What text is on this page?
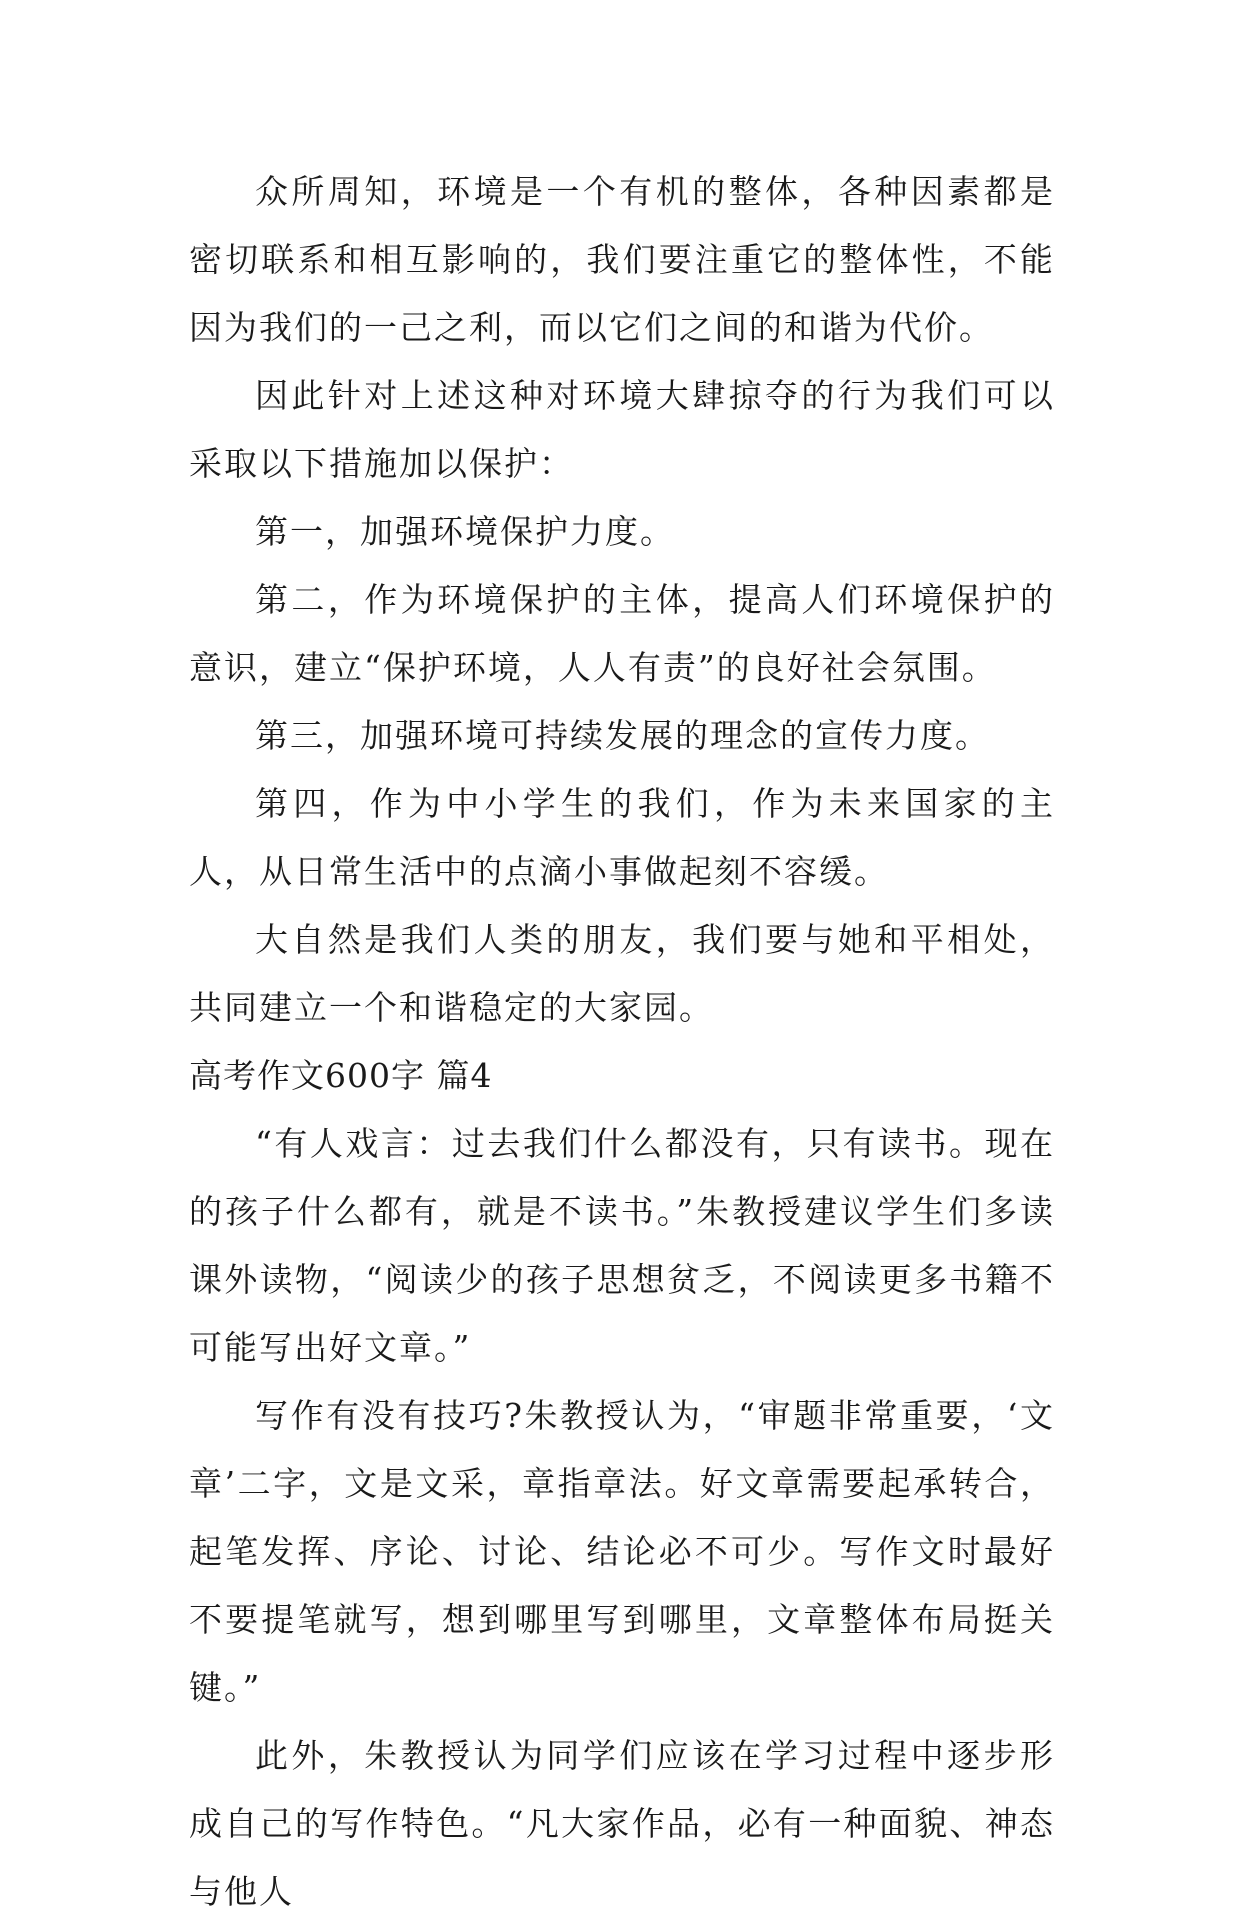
众所周知，环境是一个有机的整体，各种因素都是密切联系和相互影响的，我们要注重它的整体性，不能因为我们的一己之利，而以它们之间的和谐为代价。

因此针对上述这种对环境大肆掠夺的行为我们可以采取以下措施加以保护：

第一，加强环境保护力度。

第二，作为环境保护的主体，提高人们环境保护的意识，建立“保护环境，人人有责”的良好社会氛围。

第三，加强环境可持续发展的理念的宣传力度。

第四，作为中小学生的我们，作为未来国家的主人，从日常生活中的点滴小事做起刻不容缓。

大自然是我们人类的朋友，我们要与她和平相处，共同建立一个和谐稳定的大家园。

高考作文600字 篇4

“有人戏言：过去我们什么都没有，只有读书。现在的孩子什么都有，就是不读书。”朱教授建议学生们多读课外读物，“阅读少的孩子思想贫乏，不阅读更多书籍不可能写出好文章。”

写作有没有技巧?朱教授认为，“审题非常重要，‘文章’二字，文是文采，章指章法。好文章需要起承转合，起笔发挥、序论、讨论、结论必不可少。写作文时最好不要提笔就写，想到哪里写到哪里，文章整体布局挺关键。”

此外，朱教授认为同学们应该在学习过程中逐步形成自己的写作特色。“凡大家作品，必有一种面貌、神态与他人
